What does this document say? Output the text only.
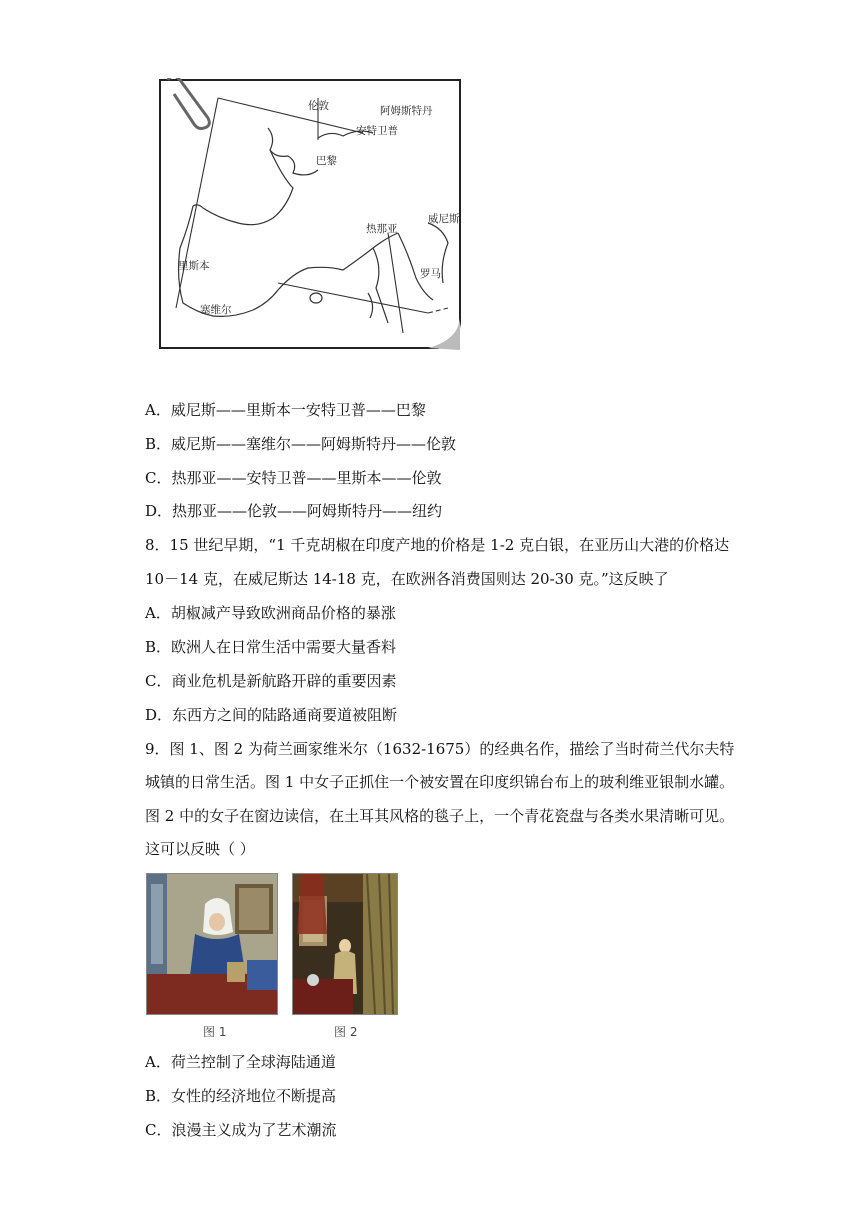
伦敦	阿姆斯特丹
安特卫普
巴黎
热那亚
威尼斯
里斯本
罗马
塞维尔
A．威尼斯——里斯本一安特卫普——巴黎
B．威尼斯——塞维尔——阿姆斯特丹——伦敦
C．热那亚——安特卫普——里斯本——伦敦
D．热那亚——伦敦——阿姆斯特丹——纽约
8．15 世纪早期，“1 千克胡椒在印度产地的价格是 1-2 克白银，在亚历山大港的价格达
10－14 克，在威尼斯达 14-18 克，在欧洲各消费国则达 20-30 克。”这反映了
A．胡椒减产导致欧洲商品价格的暴涨
B．欧洲人在日常生活中需要大量香料
C．商业危机是新航路开辟的重要因素
D．东西方之间的陆路通商要道被阻断
9．图 1、图 2 为荷兰画家维米尔（1632-1675）的经典名作，描绘了当时荷兰代尔夫特
城镇的日常生活。图 1 中女子正抓住一个被安置在印度织锦台布上的玻利维亚银制水罐。
图 2 中的女子在窗边读信，在土耳其风格的毯子上，一个青花瓷盘与各类水果清晰可见。
这可以反映（ ）
图 1	图 2
A．荷兰控制了全球海陆通道
B．女性的经济地位不断提高
C．浪漫主义成为了艺术潮流
